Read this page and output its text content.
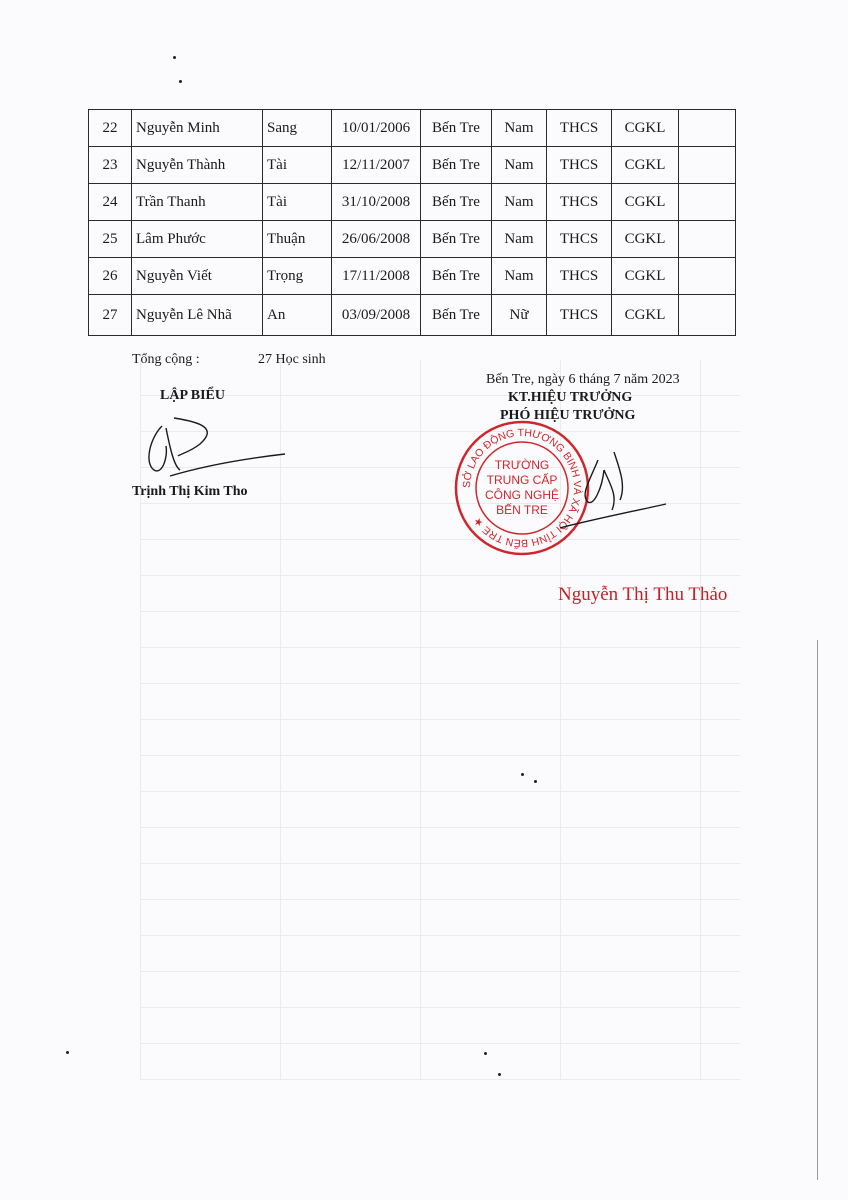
22	Nguyễn Minh	Sang	10/01/2006	Bến Tre	Nam	THCS	CGKL	
23	Nguyễn Thành	Tài	12/11/2007	Bến Tre	Nam	THCS	CGKL	
24	Trần Thanh	Tài	31/10/2008	Bến Tre	Nam	THCS	CGKL	
25	Lâm Phước	Thuận	26/06/2008	Bến Tre	Nam	THCS	CGKL	
26	Nguyễn Viết	Trọng	17/11/2008	Bến Tre	Nam	THCS	CGKL	
27	Nguyễn Lê Nhã	An	03/09/2008	Bến Tre	Nữ	THCS	CGKL	
Tổng cộng :	27 Học sinh
LẬP BIỂU
Trịnh Thị Kim Tho
Bến Tre, ngày 6 tháng 7 năm 2023
KT.HIỆU TRƯỞNG
PHÓ HIỆU TRƯỞNG
SỞ LAO ĐỘNG THƯƠNG BINH VÀ XÃ HỘI TỈNH BẾN TRE ★
TRƯỜNG
TRUNG CẤP
CÔNG NGHỆ
BẾN TRE
Nguyễn Thị Thu Thảo
